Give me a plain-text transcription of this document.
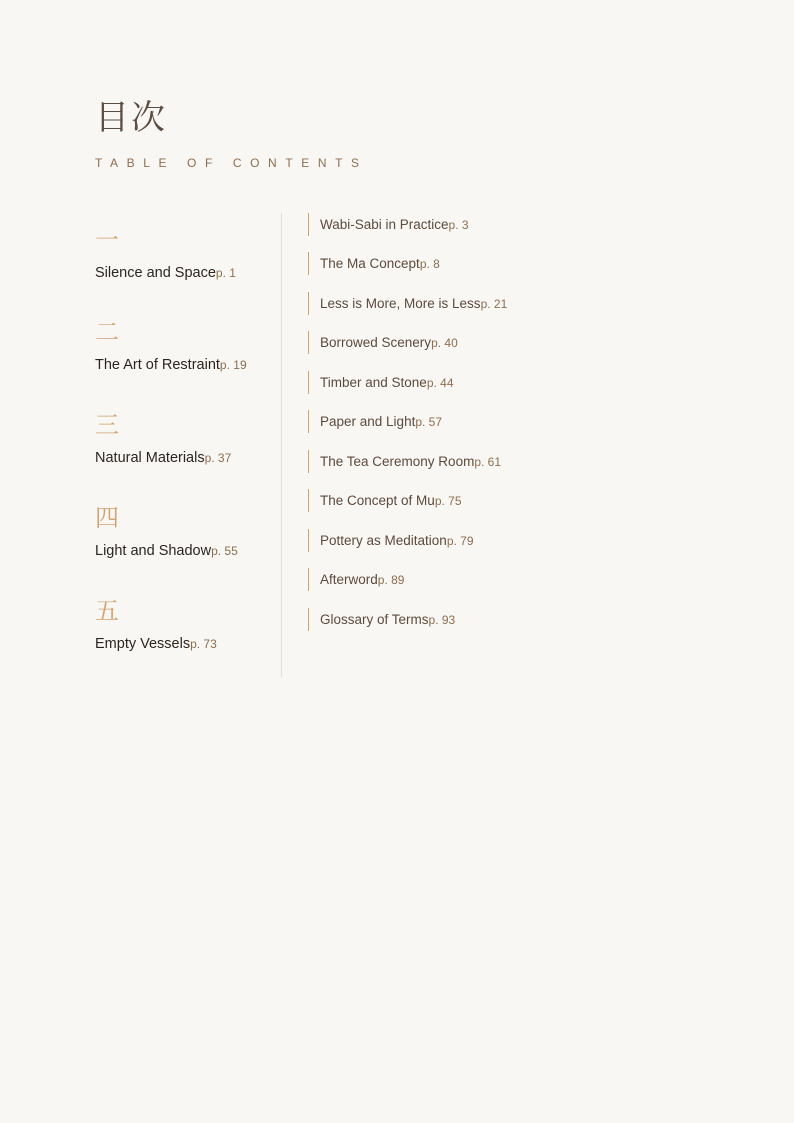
目次
TABLE OF CONTENTS
一
Silence and Spacep. 1
二
The Art of Restraintp. 19
三
Natural Materialsp. 37
四
Light and Shadowp. 55
五
Empty Vesselsp. 73
Wabi-Sabi in Practicep. 3
The Ma Conceptp. 8
Less is More, More is Lessp. 21
Borrowed Sceneryp. 40
Timber and Stonep. 44
Paper and Lightp. 57
The Tea Ceremony Roomp. 61
The Concept of Mup. 75
Pottery as Meditationp. 79
Afterwordp. 89
Glossary of Termsp. 93
